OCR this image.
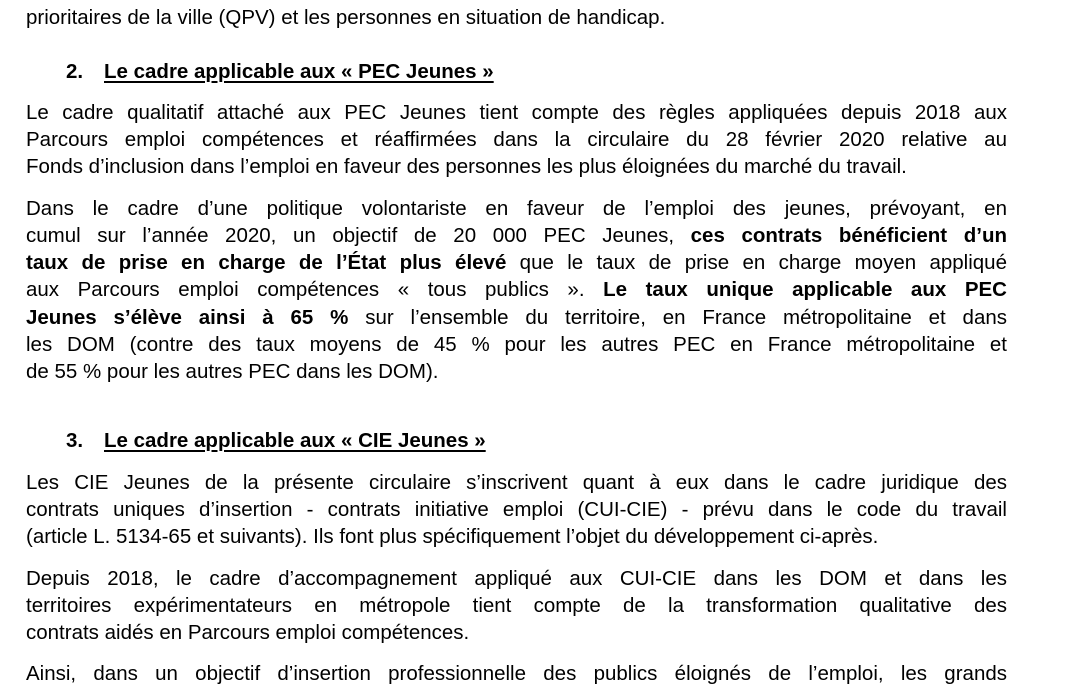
prioritaires de la ville (QPV) et les personnes en situation de handicap.
2. Le cadre applicable aux « PEC Jeunes »
Le cadre qualitatif attaché aux PEC Jeunes tient compte des règles appliquées depuis 2018 aux
Parcours emploi compétences et réaffirmées dans la circulaire du 28 février 2020 relative au
Fonds d’inclusion dans l’emploi en faveur des personnes les plus éloignées du marché du travail.
Dans le cadre d’une politique volontariste en faveur de l’emploi des jeunes, prévoyant, en
cumul sur l’année 2020, un objectif de 20 000 PEC Jeunes, ces contrats bénéficient d’un
taux de prise en charge de l’État plus élevé que le taux de prise en charge moyen appliqué
aux Parcours emploi compétences « tous publics ». Le taux unique applicable aux PEC
Jeunes s’élève ainsi à 65 % sur l’ensemble du territoire, en France métropolitaine et dans
les DOM (contre des taux moyens de 45 % pour les autres PEC en France métropolitaine et
de 55 % pour les autres PEC dans les DOM).
3. Le cadre applicable aux « CIE Jeunes »
Les CIE Jeunes de la présente circulaire s’inscrivent quant à eux dans le cadre juridique des
contrats uniques d’insertion - contrats initiative emploi (CUI-CIE) - prévu dans le code du travail
(article L. 5134-65 et suivants). Ils font plus spécifiquement l’objet du développement ci-après.
Depuis 2018, le cadre d’accompagnement appliqué aux CUI-CIE dans les DOM et dans les
territoires expérimentateurs en métropole tient compte de la transformation qualitative des
contrats aidés en Parcours emploi compétences.
Ainsi, dans un objectif d’insertion professionnelle des publics éloignés de l’emploi, les grands
